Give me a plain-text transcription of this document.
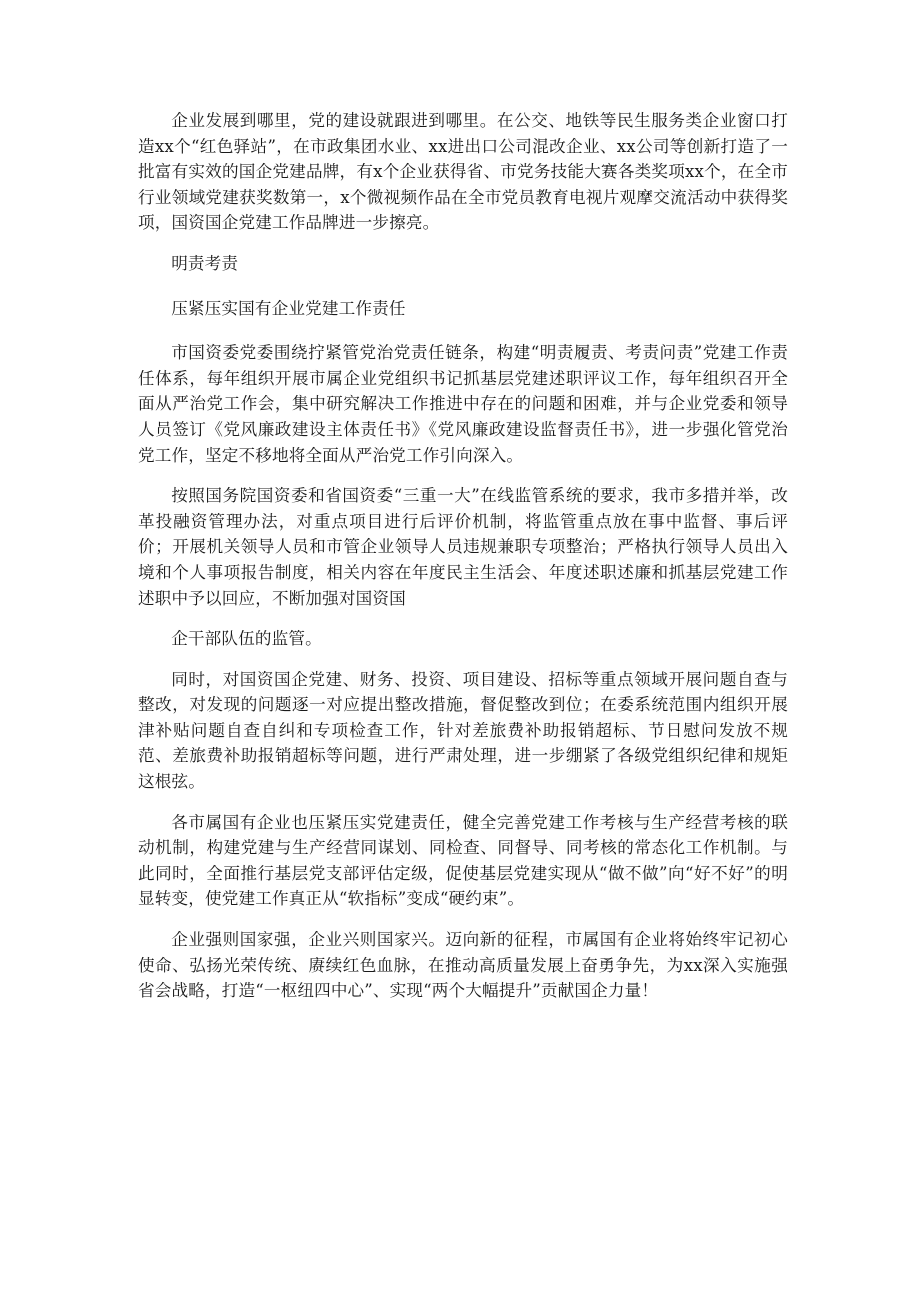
企业发展到哪里，党的建设就跟进到哪里。在公交、地铁等民生服务类企业窗口打造xx个“红色驿站”，在市政集团水业、xx进出口公司混改企业、xx公司等创新打造了一批富有实效的国企党建品牌，有x个企业获得省、市党务技能大赛各类奖项xx个，在全市行业领域党建获奖数第一，x个微视频作品在全市党员教育电视片观摩交流活动中获得奖项，国资国企党建工作品牌进一步擦亮。

明责考责

压紧压实国有企业党建工作责任

市国资委党委围绕拧紧管党治党责任链条，构建“明责履责、考责问责”党建工作责任体系，每年组织开展市属企业党组织书记抓基层党建述职评议工作，每年组织召开全面从严治党工作会，集中研究解决工作推进中存在的问题和困难，并与企业党委和领导人员签订《党风廉政建设主体责任书》《党风廉政建设监督责任书》，进一步强化管党治党工作，坚定不移地将全面从严治党工作引向深入。

按照国务院国资委和省国资委“三重一大”在线监管系统的要求，我市多措并举，改革投融资管理办法，对重点项目进行后评价机制，将监管重点放在事中监督、事后评价；开展机关领导人员和市管企业领导人员违规兼职专项整治；严格执行领导人员出入境和个人事项报告制度，相关内容在年度民主生活会、年度述职述廉和抓基层党建工作述职中予以回应，不断加强对国资国

企干部队伍的监管。

同时，对国资国企党建、财务、投资、项目建设、招标等重点领域开展问题自查与整改，对发现的问题逐一对应提出整改措施，督促整改到位；在委系统范围内组织开展津补贴问题自查自纠和专项检查工作，针对差旅费补助报销超标、节日慰问发放不规范、差旅费补助报销超标等问题，进行严肃处理，进一步绷紧了各级党组织纪律和规矩这根弦。

各市属国有企业也压紧压实党建责任，健全完善党建工作考核与生产经营考核的联动机制，构建党建与生产经营同谋划、同检查、同督导、同考核的常态化工作机制。与此同时，全面推行基层党支部评估定级，促使基层党建实现从“做不做”向“好不好”的明显转变，使党建工作真正从“软指标”变成“硬约束”。

企业强则国家强，企业兴则国家兴。迈向新的征程，市属国有企业将始终牢记初心使命、弘扬光荣传统、赓续红色血脉，在推动高质量发展上奋勇争先，为xx深入实施强省会战略，打造“一枢纽四中心”、实现“两个大幅提升”贡献国企力量！
